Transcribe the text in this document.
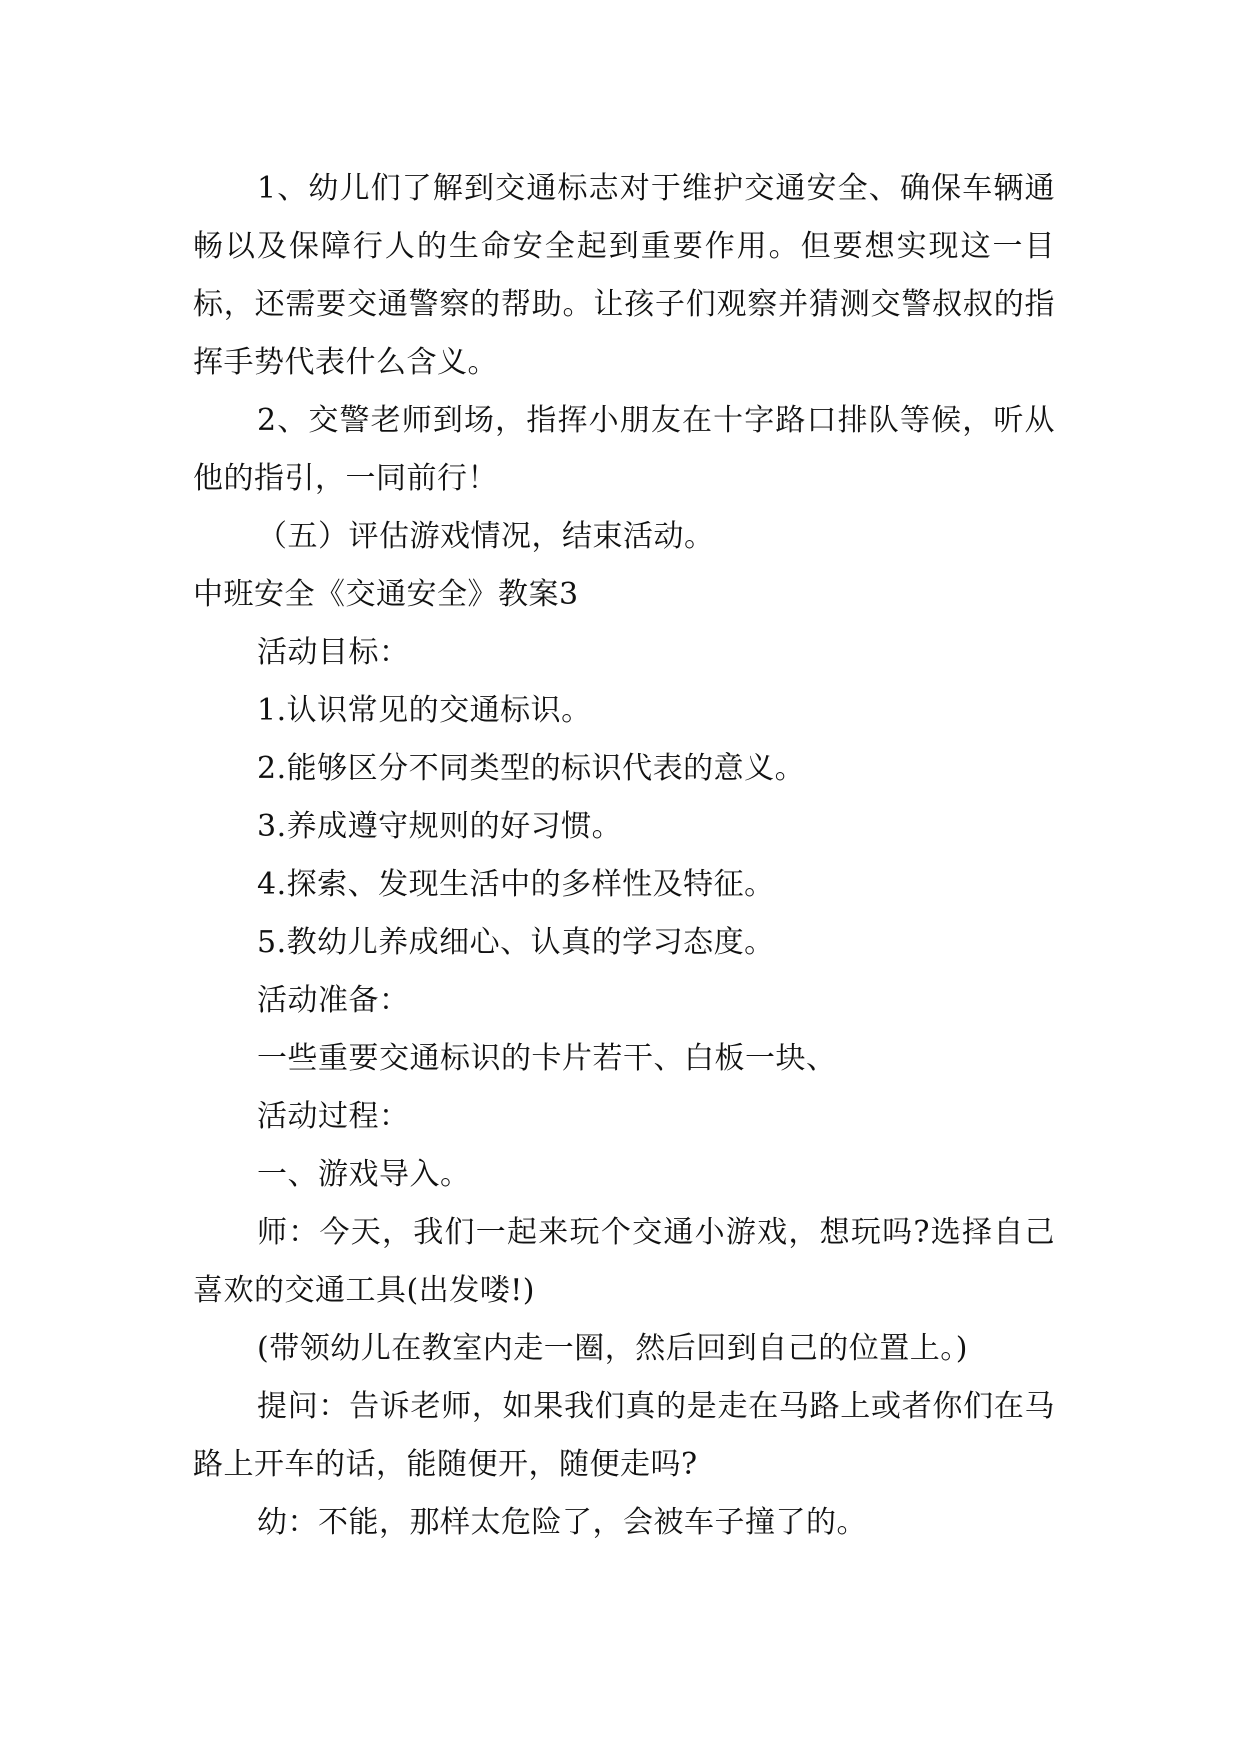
1、幼儿们了解到交通标志对于维护交通安全、确保车辆通畅以及保障行人的生命安全起到重要作用。但要想实现这一目标，还需要交通警察的帮助。让孩子们观察并猜测交警叔叔的指挥手势代表什么含义。

2、交警老师到场，指挥小朋友在十字路口排队等候，听从他的指引，一同前行！

（五）评估游戏情况，结束活动。

中班安全《交通安全》教案3

活动目标：

1.认识常见的交通标识。

2.能够区分不同类型的标识代表的意义。

3.养成遵守规则的好习惯。

4.探索、发现生活中的多样性及特征。

5.教幼儿养成细心、认真的学习态度。

活动准备：

一些重要交通标识的卡片若干、白板一块、

活动过程：

一、游戏导入。

师：今天，我们一起来玩个交通小游戏，想玩吗?选择自己喜欢的交通工具(出发喽!)

(带领幼儿在教室内走一圈，然后回到自己的位置上。)

提问：告诉老师，如果我们真的是走在马路上或者你们在马路上开车的话，能随便开，随便走吗?

幼：不能，那样太危险了，会被车子撞了的。
